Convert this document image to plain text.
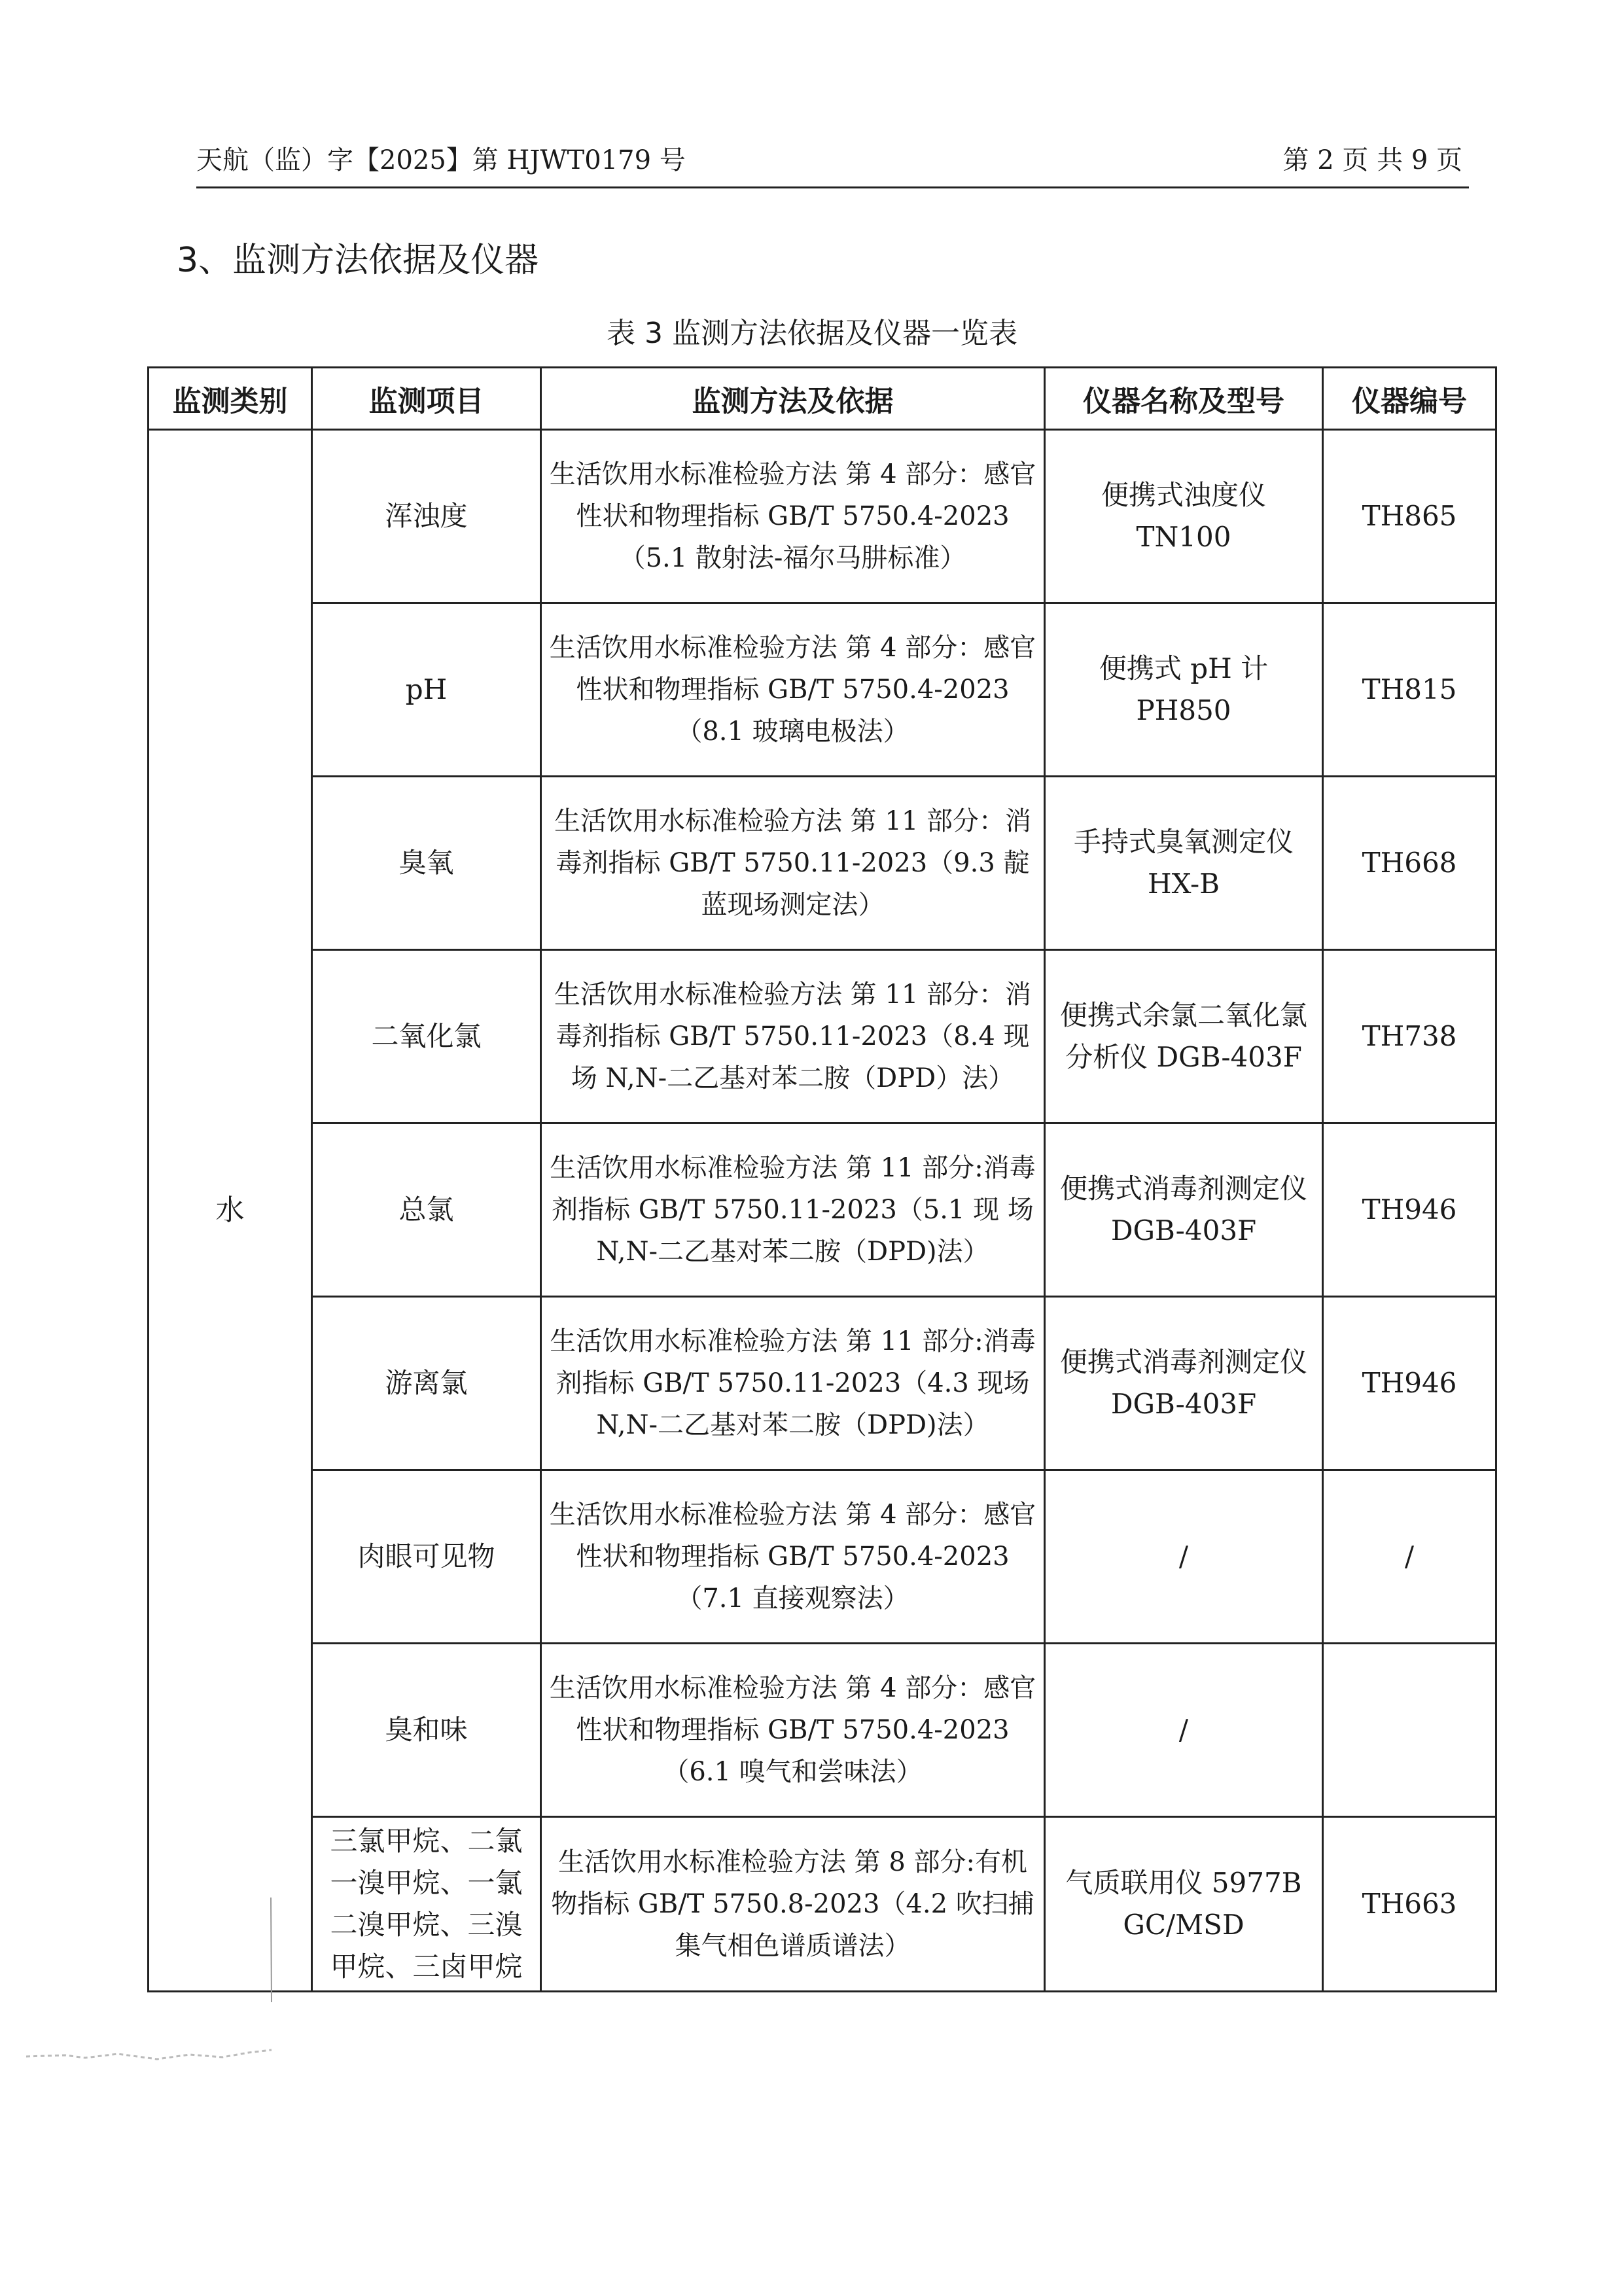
天航（监）字【2025】第 HJWT0179 号	第 2 页 共 9 页
3、监测方法依据及仪器
表 3 监测方法依据及仪器一览表
监测类别	监测项目	监测方法及依据	仪器名称及型号	仪器编号
水	浑浊度	生活饮用水标准检验方法 第 4 部分：感官性状和物理指标 GB/T 5750.4-2023（5.1 散射法-福尔马肼标准）	便携式浊度仪 TN100	TH865
	pH	生活饮用水标准检验方法 第 4 部分：感官性状和物理指标 GB/T 5750.4-2023（8.1 玻璃电极法）	便携式 pH 计 PH850	TH815
	臭氧	生活饮用水标准检验方法 第 11 部分：消毒剂指标 GB/T 5750.11-2023（9.3 靛蓝现场测定法）	手持式臭氧测定仪 HX-B	TH668
	二氧化氯	生活饮用水标准检验方法 第 11 部分：消毒剂指标 GB/T 5750.11-2023（8.4 现场 N,N-二乙基对苯二胺（DPD）法）	便携式余氯二氧化氯分析仪 DGB-403F	TH738
	总氯	生活饮用水标准检验方法 第 11 部分:消毒剂指标 GB/T 5750.11-2023（5.1 现 场 N,N-二乙基对苯二胺（DPD)法）	便携式消毒剂测定仪 DGB-403F	TH946
	游离氯	生活饮用水标准检验方法 第 11 部分:消毒剂指标 GB/T 5750.11-2023（4.3 现场 N,N-二乙基对苯二胺（DPD)法）	便携式消毒剂测定仪 DGB-403F	TH946
	肉眼可见物	生活饮用水标准检验方法 第 4 部分：感官性状和物理指标 GB/T 5750.4-2023（7.1 直接观察法）	/	/
	臭和味	生活饮用水标准检验方法 第 4 部分：感官性状和物理指标 GB/T 5750.4-2023（6.1 嗅气和尝味法）	/	
	三氯甲烷、二氯一溴甲烷、一氯二溴甲烷、三溴甲烷、三卤甲烷	生活饮用水标准检验方法 第 8 部分:有机物指标 GB/T 5750.8-2023（4.2 吹扫捕集气相色谱质谱法）	气质联用仪 5977B GC/MSD	TH663
